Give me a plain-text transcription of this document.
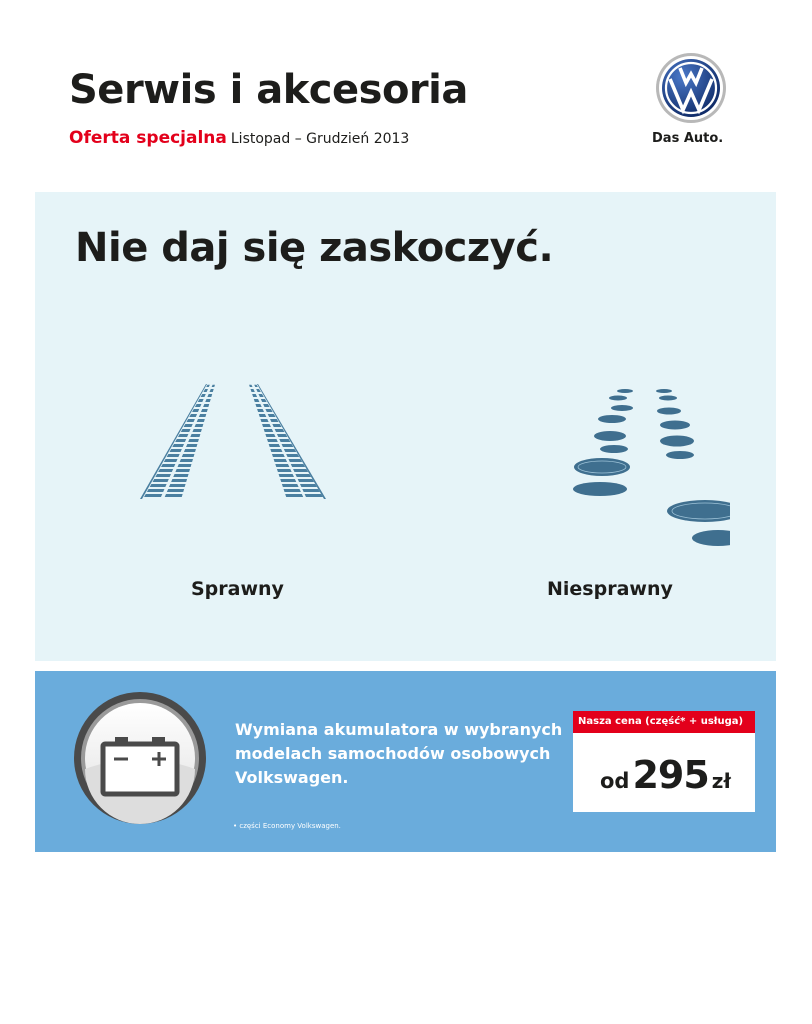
Serwis i akcesoria
Oferta specjalna Listopad – Grudzień 2013	Das Auto.
Nie daj się zaskoczyć.
Sprawny	Niesprawny
Wymiana akumulatora w wybranych modelach samochodów osobowych Volkswagen.
• części Economy Volkswagen.
Nasza cena (część* + usługa)
od295 zł
